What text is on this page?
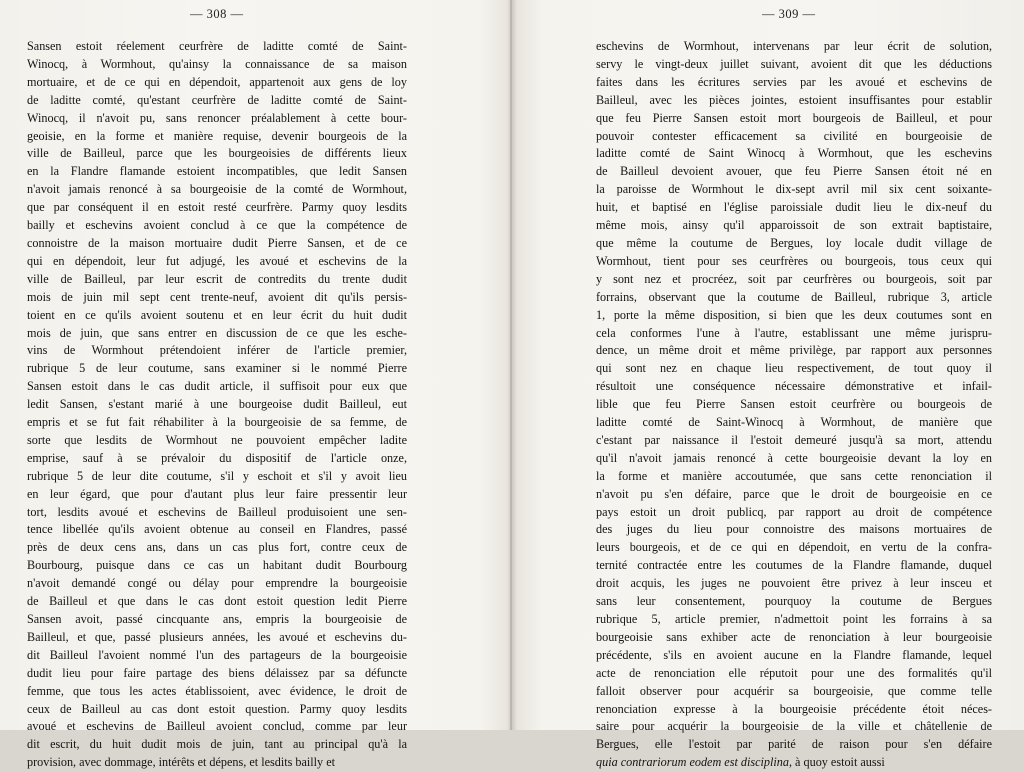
— 308 —
Sansen estoit réelement ceurfrère de laditte comté de Saint-
Winocq, à Wormhout, qu'ainsy la connaissance de sa maison
mortuaire, et de ce qui en dépendoit, appartenoit aux gens de loy
de laditte comté, qu'estant ceurfrère de laditte comté de Saint-
Winocq, il n'avoit pu, sans renoncer préalablement à cette bour-
geoisie, en la forme et manière requise, devenir bourgeois de la
ville de Bailleul, parce que les bourgeoisies de différents lieux
en la Flandre flamande estoient incompatibles, que ledit Sansen
n'avoit jamais renoncé à sa bourgeoisie de la comté de Wormhout,
que par conséquent il en estoit resté ceurfrère. Parmy quoy lesdits
bailly et eschevins avoient conclud à ce que la compétence de
connoistre de la maison mortuaire dudit Pierre Sansen, et de ce
qui en dépendoit, leur fut adjugé, les avoué et eschevins de la
ville de Bailleul, par leur escrit de contredits du trente dudit
mois de juin mil sept cent trente-neuf, avoient dit qu'ils persis-
toient en ce qu'ils avoient soutenu et en leur écrit du huit dudit
mois de juin, que sans entrer en discussion de ce que les esche-
vins de Wormhout prétendoient inférer de l'article premier,
rubrique 5 de leur coutume, sans examiner si le nommé Pierre
Sansen estoit dans le cas dudit article, il suffisoit pour eux que
ledit Sansen, s'estant marié à une bourgeoise dudit Bailleul, eut
empris et se fut fait réhabiliter à la bourgeoisie de sa femme, de
sorte que lesdits de Wormhout ne pouvoient empêcher ladite
emprise, sauf à se prévaloir du dispositif de l'article onze,
rubrique 5 de leur dite coutume, s'il y eschoit et s'il y avoit lieu
en leur égard, que pour d'autant plus leur faire pressentir leur
tort, lesdits avoué et eschevins de Bailleul produisoient une sen-
tence libellée qu'ils avoient obtenue au conseil en Flandres, passé
près de deux cens ans, dans un cas plus fort, contre ceux de
Bourbourg, puisque dans ce cas un habitant dudit Bourbourg
n'avoit demandé congé ou délay pour emprendre la bourgeoisie
de Bailleul et que dans le cas dont estoit question ledit Pierre
Sansen avoit, passé cincquante ans, empris la bourgeoisie de
Bailleul, et que, passé plusieurs années, les avoué et eschevins du-
dit Bailleul l'avoient nommé l'un des partageurs de la bourgeoisie
dudit lieu pour faire partage des biens délaissez par sa défuncte
femme, que tous les actes établissoient, avec évidence, le droit de
ceux de Bailleul au cas dont estoit question. Parmy quoy lesdits
avoué et eschevins de Bailleul avoient conclud, comme par leur
dit escrit, du huit dudit mois de juin, tant au principal qu'à la
provision, avec dommage, intérêts et dépens, et lesdits bailly et
— 309 —
eschevins de Wormhout, intervenans par leur écrit de solution,
servy le vingt-deux juillet suivant, avoient dit que les déductions
faites dans les écritures servies par les avoué et eschevins de
Bailleul, avec les pièces jointes, estoient insuffisantes pour establir
que feu Pierre Sansen estoit mort bourgeois de Bailleul, et pour
pouvoir contester efficacement sa civilité en bourgeoisie de
laditte comté de Saint Winocq à Wormhout, que les eschevins
de Bailleul devoient avouer, que feu Pierre Sansen étoit né en
la paroisse de Wormhout le dix-sept avril mil six cent soixante-
huit, et baptisé en l'église paroissiale dudit lieu le dix-neuf du
même mois, ainsy qu'il apparoissoit de son extrait baptistaire,
que même la coutume de Bergues, loy locale dudit village de
Wormhout, tient pour ses ceurfrères ou bourgeois, tous ceux qui
y sont nez et procréez, soit par ceurfrères ou bourgeois, soit par
forrains, observant que la coutume de Bailleul, rubrique 3, article
1, porte la même disposition, si bien que les deux coutumes sont en
cela conformes l'une à l'autre, establissant une même jurispru-
dence, un même droit et même privilège, par rapport aux personnes
qui sont nez en chaque lieu respectivement, de tout quoy il
résultoit une conséquence nécessaire démonstrative et infail-
lible que feu Pierre Sansen estoit ceurfrère ou bourgeois de
laditte comté de Saint-Winocq à Wormhout, de manière que
c'estant par naissance il l'estoit demeuré jusqu'à sa mort, attendu
qu'il n'avoit jamais renoncé à cette bourgeoisie devant la loy en
la forme et manière accoutumée, que sans cette renonciation il
n'avoit pu s'en défaire, parce que le droit de bourgeoisie en ce
pays estoit un droit publicq, par rapport au droit de compétence
des juges du lieu pour connoistre des maisons mortuaires de
leurs bourgeois, et de ce qui en dépendoit, en vertu de la confra-
ternité contractée entre les coutumes de la Flandre flamande, duquel
droit acquis, les juges ne pouvoient être privez à leur insceu et
sans leur consentement, pourquoy la coutume de Bergues
rubrique 5, article premier, n'admettoit point les forrains à sa
bourgeoisie sans exhiber acte de renonciation à leur bourgeoisie
précédente, s'ils en avoient aucune en la Flandre flamande, lequel
acte de renonciation elle réputoit pour une des formalités qu'il
falloit observer pour acquérir sa bourgeoisie, que comme telle
renonciation expresse à la bourgeoisie précédente étoit néces-
saire pour acquérir la bourgeoisie de la ville et châtellenie de
Bergues, elle l'estoit par parité de raison pour s'en défaire
quia contrariorum eodem est disciplina, à quoy estoit aussi
